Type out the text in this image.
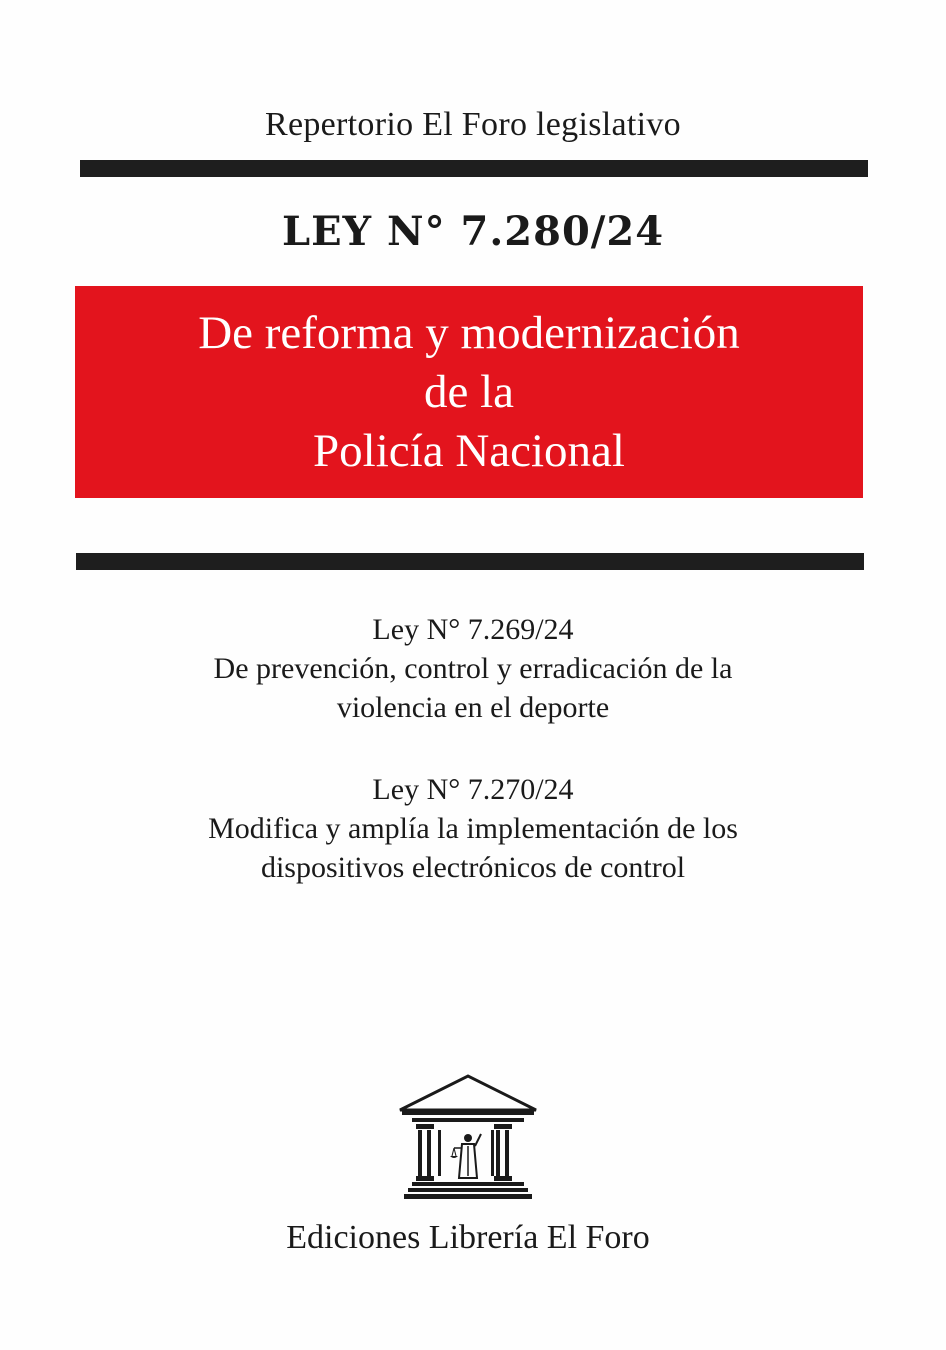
Repertorio El Foro legislativo
LEY N° 7.280/24
De reforma y modernización
de la
Policía Nacional
Ley N° 7.269/24
De prevención, control y erradicación de la
violencia en el deporte
Ley N° 7.270/24
Modifica y amplía la implementación de los
dispositivos electrónicos de control
Ediciones Librería El Foro
